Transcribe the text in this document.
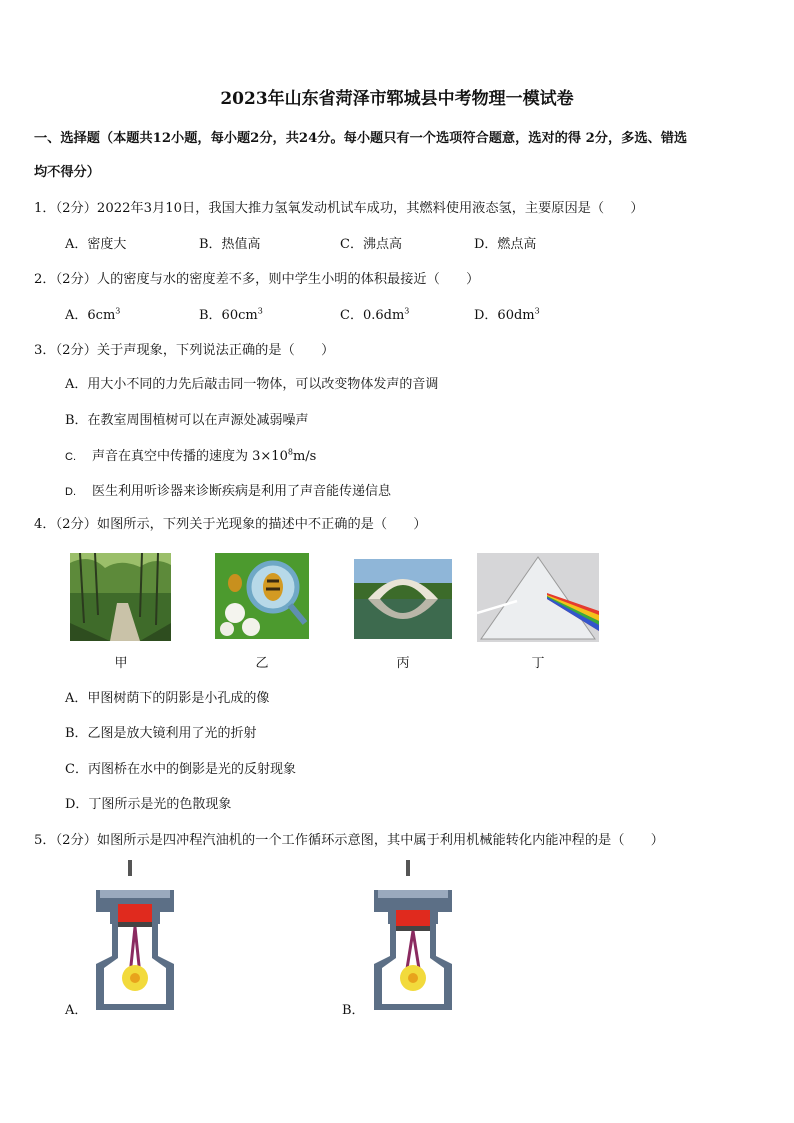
2023年山东省菏泽市郓城县中考物理一模试卷
一、选择题（本题共12小题，每小题2分，共24分。每小题只有一个选项符合题意，选对的得 2分，多选、错选
均不得分）
1．（2分）2022年3月10日，我国大推力氢氧发动机试车成功，其燃料使用液态氢，主要原因是（　　）
A．密度大	B．热值高	C．沸点高	D．燃点高
2．（2分）人的密度与水的密度差不多，则中学生小明的体积最接近（　　）
A．$6cm^3$	B．$60cm^3$	C．$0.6dm^3$	D．$60dm^3$
3．（2分）关于声现象，下列说法正确的是（　　）
A．用大小不同的力先后敲击同一物体，可以改变物体发声的音调
B．在教室周围植树可以在声源处减弱噪声
C. 声音在真空中传播的速度为 $3\times 10^8m/s$
D. 医生利用听诊器来诊断疾病是利用了声音能传递信息
4．（2分）如图所示，下列关于光现象的描述中不正确的是（　　）
甲	乙	丙	丁
A．甲图树荫下的阴影是小孔成的像
B．乙图是放大镜利用了光的折射
C．丙图桥在水中的倒影是光的反射现象
D．丁图所示是光的色散现象
5．（2分）如图所示是四冲程汽油机的一个工作循环示意图，其中属于利用机械能转化内能冲程的是（　　）
A．	B．
